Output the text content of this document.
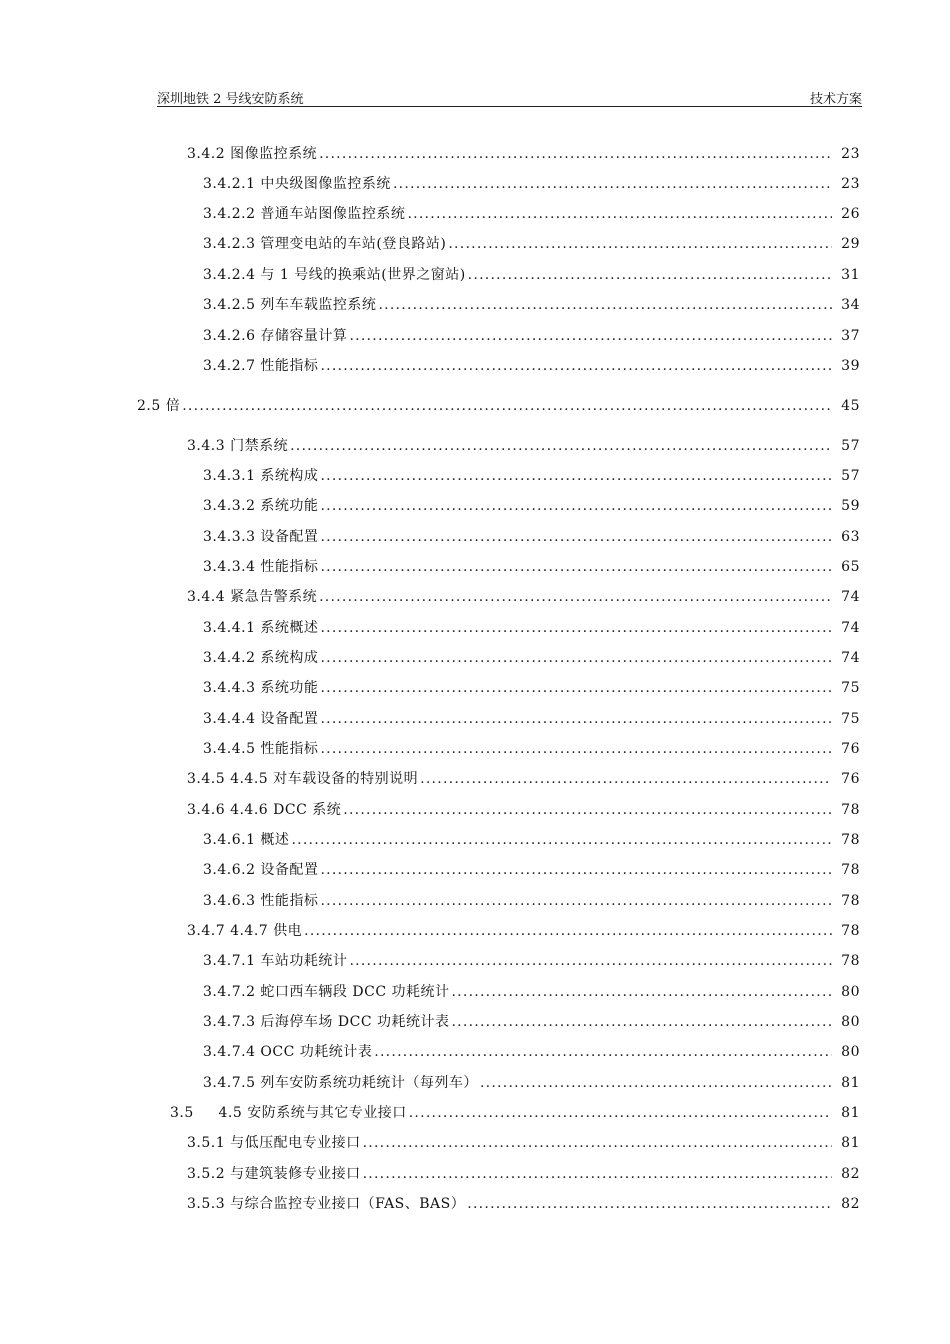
深圳地铁 2 号线安防系统	技术方案
3.4.2 图像监控系统 . . .	23
3.4.2.1 中央级图像监控系统 . . .	23
3.4.2.2 普通车站图像监控系统 . . .	26
3.4.2.3 管理变电站的车站(登良路站) . . .	29
3.4.2.4 与 1 号线的换乘站(世界之窗站) . . .	31
3.4.2.5 列车车载监控系统 . . .	34
3.4.2.6 存储容量计算 . . .	37
3.4.2.7 性能指标 . . .	39
2.5 倍 . . .	45
3.4.3 门禁系统 . . .	57
3.4.3.1 系统构成 . . .	57
3.4.3.2 系统功能 . . .	59
3.4.3.3 设备配置 . . .	63
3.4.3.4 性能指标 . . .	65
3.4.4 紧急告警系统 . . .	74
3.4.4.1 系统概述 . . .	74
3.4.4.2 系统构成 . . .	74
3.4.4.3 系统功能 . . .	75
3.4.4.4 设备配置 . . .	75
3.4.4.5 性能指标 . . .	76
3.4.5 4.4.5 对车载设备的特别说明 . . .	76
3.4.6 4.4.6 DCC 系统 . . .	78
3.4.6.1 概述 . . .	78
3.4.6.2 设备配置 . . .	78
3.4.6.3 性能指标 . . .	78
3.4.7 4.4.7 供电 . . .	78
3.4.7.1 车站功耗统计 . . .	78
3.4.7.2 蛇口西车辆段 DCC 功耗统计 . . .	80
3.4.7.3 后海停车场 DCC 功耗统计表 . . .	80
3.4.7.4 OCC 功耗统计表 . . .	80
3.4.7.5 列车安防系统功耗统计（每列车） . . .	81
3.5     4.5 安防系统与其它专业接口 . . .	81
3.5.1 与低压配电专业接口 . . .	81
3.5.2 与建筑装修专业接口 . . .	82
3.5.3 与综合监控专业接口（FAS、BAS） . . .	82
